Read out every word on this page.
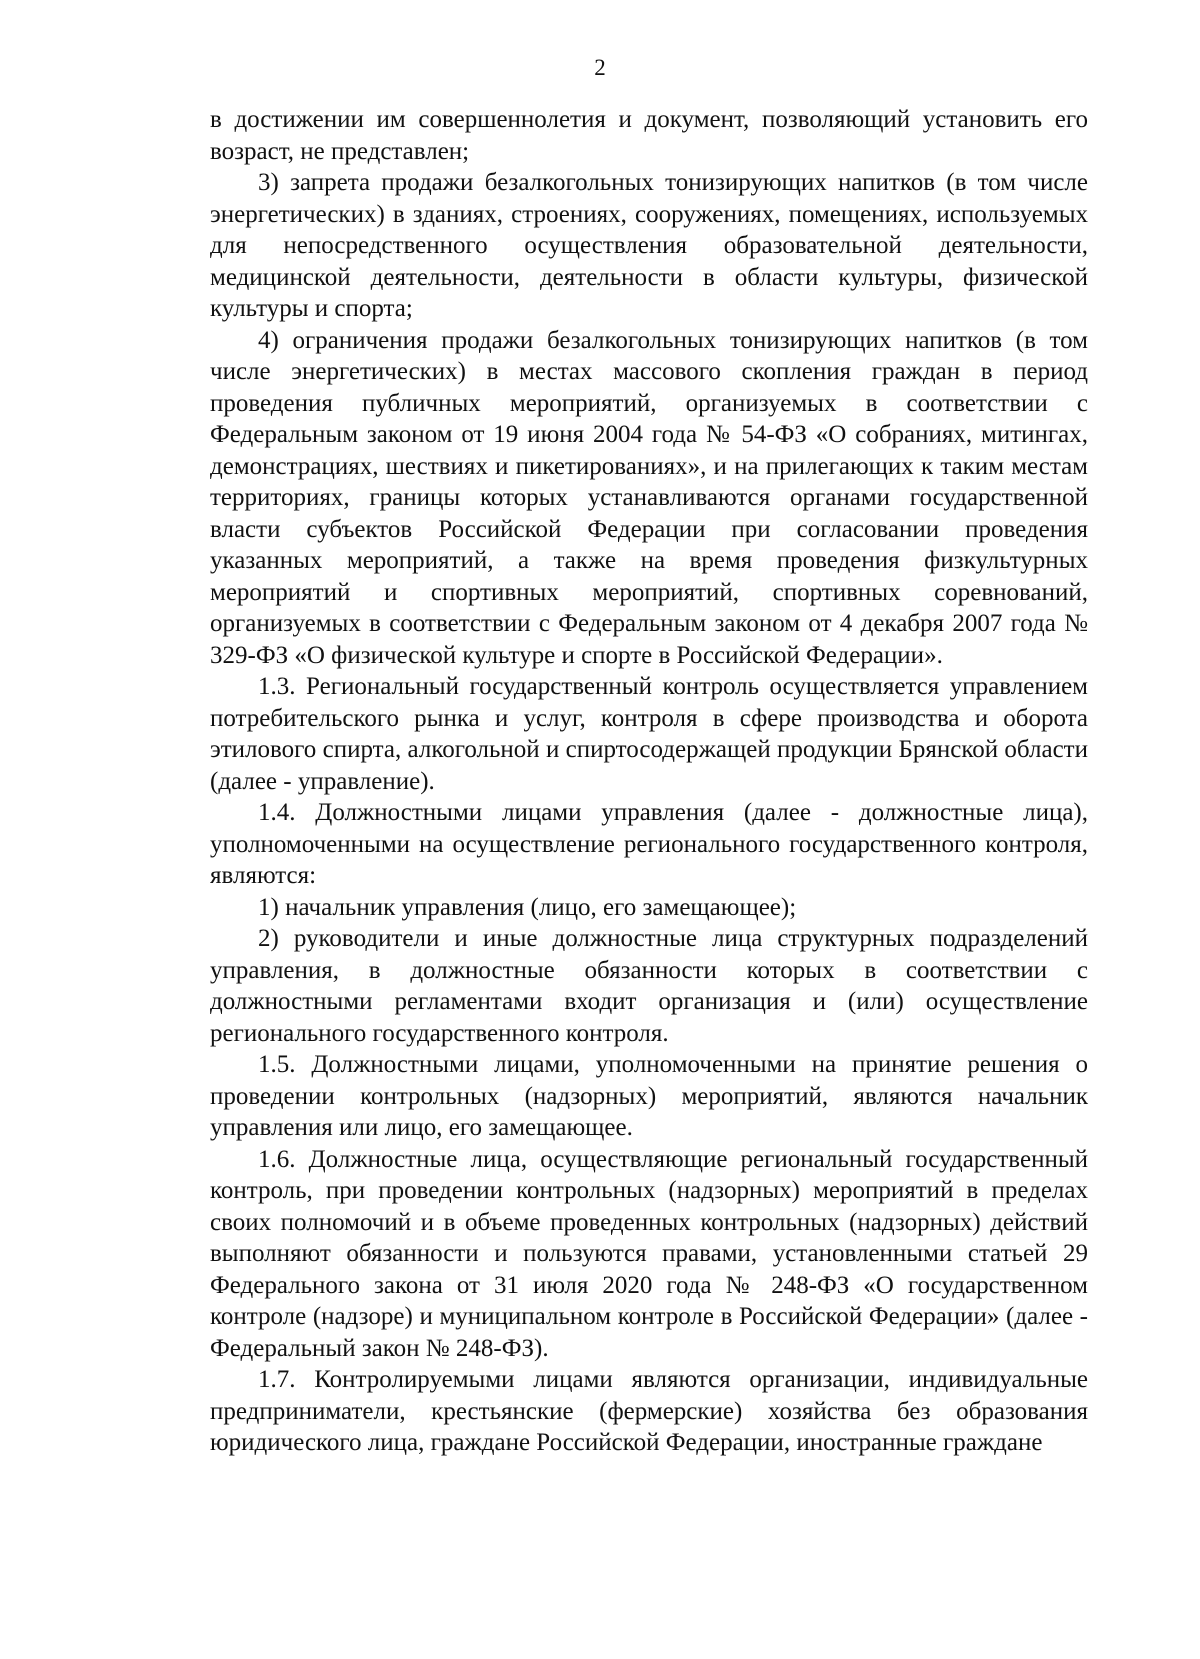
2

в достижении им совершеннолетия и документ, позволяющий установить его возраст, не представлен;

3) запрета продажи безалкогольных тонизирующих напитков (в том числе энергетических) в зданиях, строениях, сооружениях, помещениях, используемых для непосредственного осуществления образовательной деятельности, медицинской деятельности, деятельности в области культуры, физической культуры и спорта;

4) ограничения продажи безалкогольных тонизирующих напитков (в том числе энергетических) в местах массового скопления граждан в период проведения публичных мероприятий, организуемых в соответствии с Федеральным законом от 19 июня 2004 года № 54-ФЗ «О собраниях, митингах, демонстрациях, шествиях и пикетированиях», и на прилегающих к таким местам территориях, границы которых устанавливаются органами государственной власти субъектов Российской Федерации при согласовании проведения указанных мероприятий, а также на время проведения физкультурных мероприятий и спортивных мероприятий, спортивных соревнований, организуемых в соответствии с Федеральным законом от 4 декабря 2007 года № 329-ФЗ «О физической культуре и спорте в Российской Федерации».

1.3. Региональный государственный контроль осуществляется управлением потребительского рынка и услуг, контроля в сфере производства и оборота этилового спирта, алкогольной и спиртосодержащей продукции Брянской области (далее - управление).

1.4. Должностными лицами управления (далее - должностные лица), уполномоченными на осуществление регионального государственного контроля, являются:

1) начальник управления (лицо, его замещающее);

2) руководители и иные должностные лица структурных подразделений управления, в должностные обязанности которых в соответствии с должностными регламентами входит организация и (или) осуществление регионального государственного контроля.

1.5. Должностными лицами, уполномоченными на принятие решения о проведении контрольных (надзорных) мероприятий, являются начальник управления или лицо, его замещающее.

1.6. Должностные лица, осуществляющие региональный государственный контроль, при проведении контрольных (надзорных) мероприятий в пределах своих полномочий и в объеме проведенных контрольных (надзорных) действий выполняют обязанности и пользуются правами, установленными статьей 29 Федерального закона от 31 июля 2020 года № 248-ФЗ «О государственном контроле (надзоре) и муниципальном контроле в Российской Федерации» (далее - Федеральный закон № 248-ФЗ).

1.7. Контролируемыми лицами являются организации, индивидуальные предприниматели, крестьянские (фермерские) хозяйства без образования юридического лица, граждане Российской Федерации, иностранные граждане
